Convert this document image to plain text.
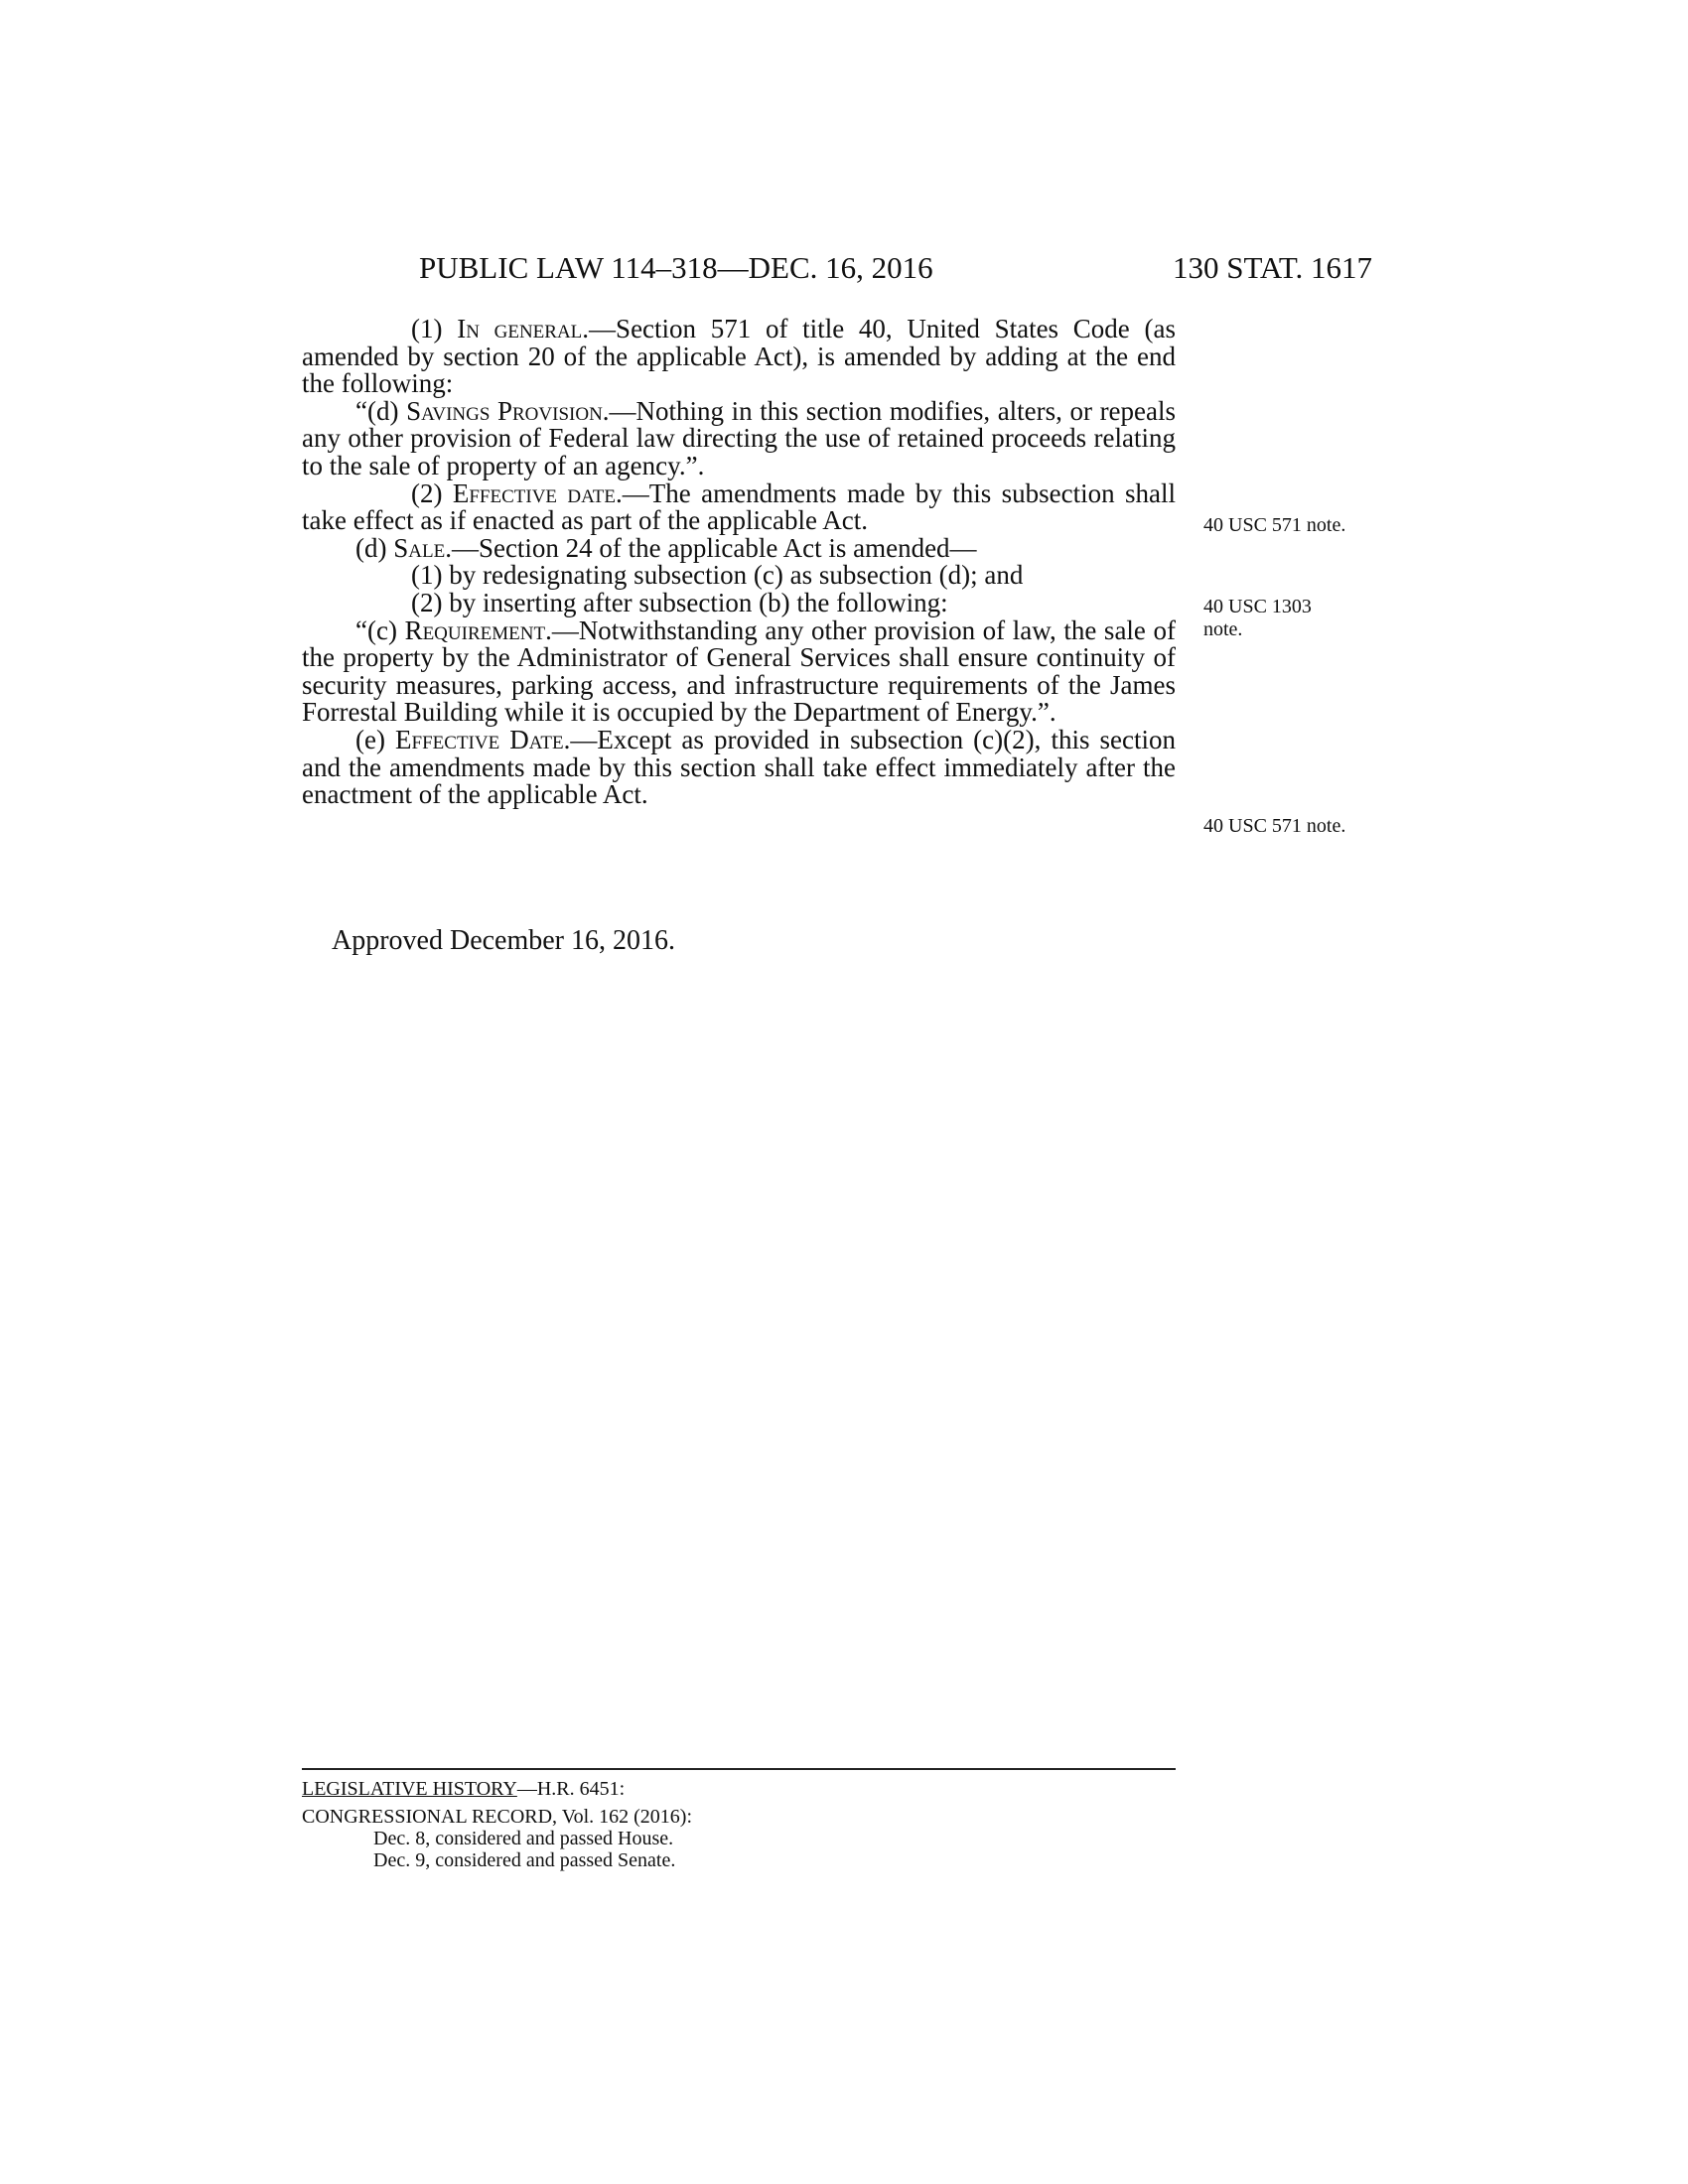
PUBLIC LAW 114–318—DEC. 16, 2016	130 STAT. 1617

(1) In general.—Section 571 of title 40, United States Code (as amended by section 20 of the applicable Act), is amended by adding at the end the following:

“(d) Savings Provision.—Nothing in this section modifies, alters, or repeals any other provision of Federal law directing the use of retained proceeds relating to the sale of property of an agency.”.

(2) Effective date.—The amendments made by this subsection shall take effect as if enacted as part of the applicable Act.

(d) Sale.—Section 24 of the applicable Act is amended—

(1) by redesignating subsection (c) as subsection (d); and

(2) by inserting after subsection (b) the following:

“(c) Requirement.—Notwithstanding any other provision of law, the sale of the property by the Administrator of General Services shall ensure continuity of security measures, parking access, and infrastructure requirements of the James Forrestal Building while it is occupied by the Department of Energy.”.

(e) Effective Date.—Except as provided in subsection (c)(2), this section and the amendments made by this section shall take effect immediately after the enactment of the applicable Act.

40 USC 571 note.
40 USC 1303
note.
40 USC 571 note.
Approved December 16, 2016.
LEGISLATIVE HISTORY—H.R. 6451:
CONGRESSIONAL RECORD, Vol. 162 (2016):
Dec. 8, considered and passed House.
Dec. 9, considered and passed Senate.
